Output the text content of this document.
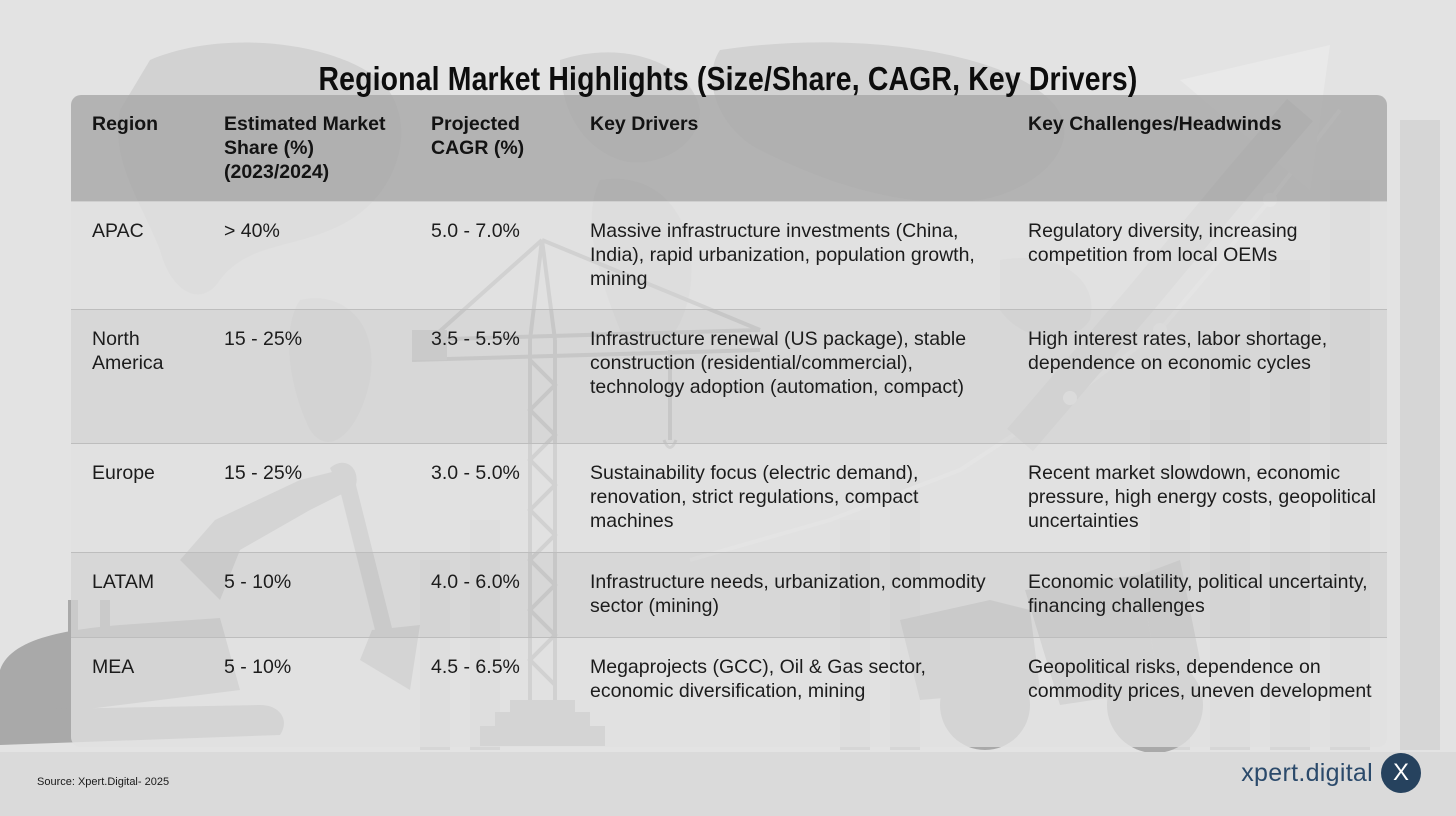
Regional Market Highlights (Size/Share, CAGR, Key Drivers)
Region	Estimated Market Share (%) (2023/2024)	Projected CAGR (%)	Key Drivers	Key Challenges/Headwinds
APAC	> 40%	5.0 - 7.0%	Massive infrastructure investments (China, India), rapid urbanization, population growth, mining	Regulatory diversity, increasing competition from local OEMs
North America	15 - 25%	3.5 - 5.5%	Infrastructure renewal (US package), stable construction (residential/commercial), technology adoption (automation, compact)	High interest rates, labor shortage, dependence on economic cycles
Europe	15 - 25%	3.0 - 5.0%	Sustainability focus (electric demand), renovation, strict regulations, compact machines	Recent market slowdown, economic pressure, high energy costs, geopolitical uncertainties
LATAM	5 - 10%	4.0 - 6.0%	Infrastructure needs, urbanization, commodity sector (mining)	Economic volatility, political uncertainty, financing challenges
MEA	5 - 10%	4.5 - 6.5%	Megaprojects (GCC), Oil & Gas sector, economic diversification, mining	Geopolitical risks, dependence on commodity prices, uneven development
Source: Xpert.Digital- 2025	xpert.digital X
